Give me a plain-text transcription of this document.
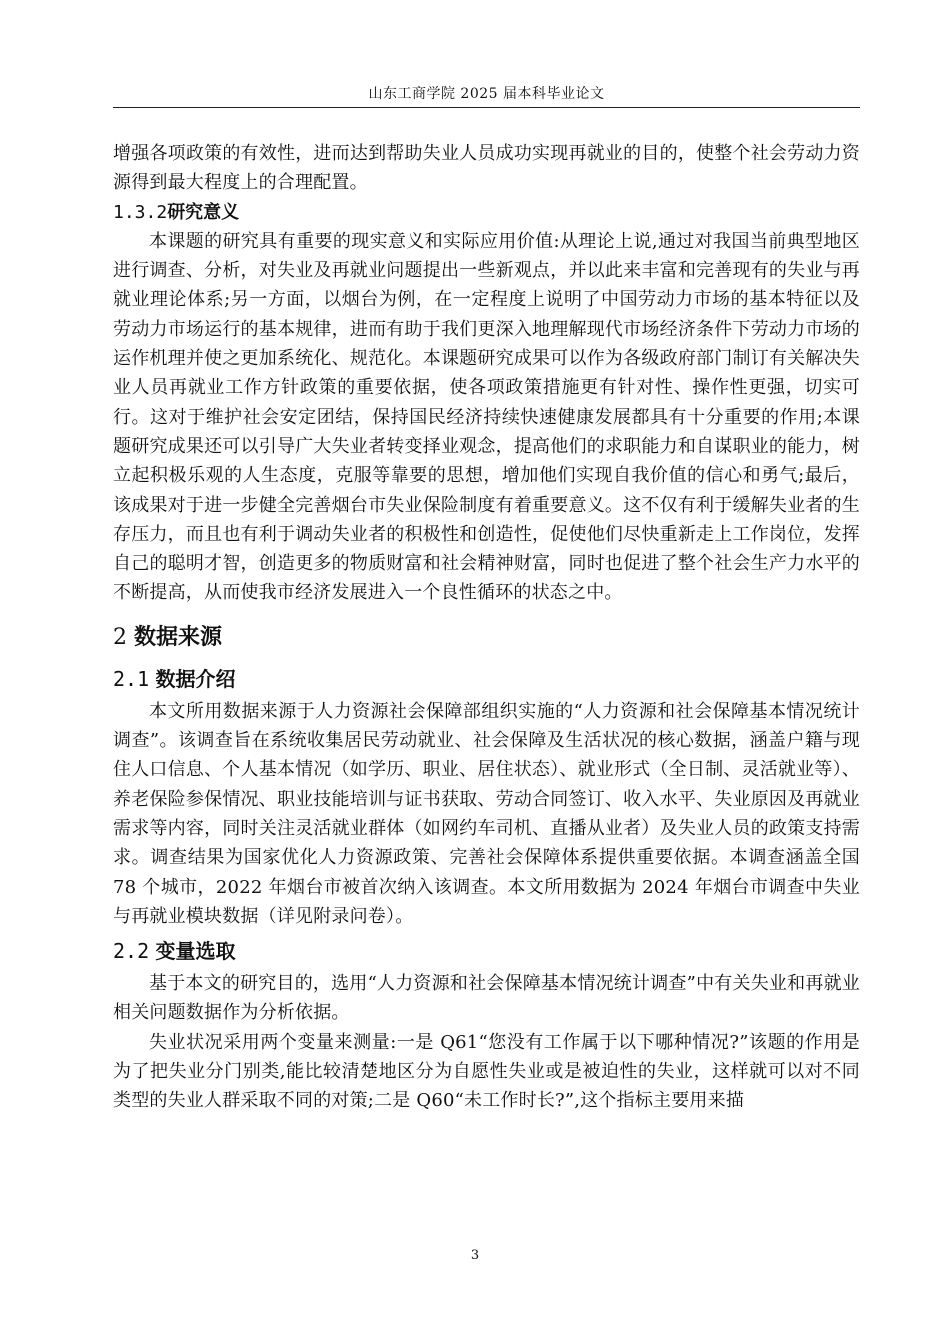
山东工商学院 2025 届本科毕业论文

增强各项政策的有效性，进而达到帮助失业人员成功实现再就业的目的，使整个社会劳动力资源得到最大程度上的合理配置。

1.3.2研究意义

本课题的研究具有重要的现实意义和实际应用价值:从理论上说,通过对我国当前典型地区进行调查、分析，对失业及再就业问题提出一些新观点，并以此来丰富和完善现有的失业与再就业理论体系;另一方面，以烟台为例，在一定程度上说明了中国劳动力市场的基本特征以及劳动力市场运行的基本规律，进而有助于我们更深入地理解现代市场经济条件下劳动力市场的运作机理并使之更加系统化、规范化。本课题研究成果可以作为各级政府部门制订有关解决失业人员再就业工作方针政策的重要依据，使各项政策措施更有针对性、操作性更强，切实可行。这对于维护社会安定团结，保持国民经济持续快速健康发展都具有十分重要的作用;本课题研究成果还可以引导广大失业者转变择业观念，提高他们的求职能力和自谋职业的能力，树立起积极乐观的人生态度，克服等靠要的思想，增加他们实现自我价值的信心和勇气;最后，该成果对于进一步健全完善烟台市失业保险制度有着重要意义。这不仅有利于缓解失业者的生存压力，而且也有利于调动失业者的积极性和创造性，促使他们尽快重新走上工作岗位，发挥自己的聪明才智，创造更多的物质财富和社会精神财富，同时也促进了整个社会生产力水平的不断提高，从而使我市经济发展进入一个良性循环的状态之中。

2 数据来源
2.1 数据介绍

本文所用数据来源于人力资源社会保障部组织实施的“人力资源和社会保障基本情况统计调查”。该调查旨在系统收集居民劳动就业、社会保障及生活状况的核心数据，涵盖户籍与现住人口信息、个人基本情况（如学历、职业、居住状态）、就业形式（全日制、灵活就业等）、养老保险参保情况、职业技能培训与证书获取、劳动合同签订、收入水平、失业原因及再就业需求等内容，同时关注灵活就业群体（如网约车司机、直播从业者）及失业人员的政策支持需求。调查结果为国家优化人力资源政策、完善社会保障体系提供重要依据。本调查涵盖全国 78 个城市，2022 年烟台市被首次纳入该调查。本文所用数据为 2024 年烟台市调查中失业与再就业模块数据（详见附录问卷）。

2.2 变量选取

基于本文的研究目的，选用“人力资源和社会保障基本情况统计调查”中有关失业和再就业相关问题数据作为分析依据。

失业状况采用两个变量来测量:一是 Q61“您没有工作属于以下哪种情况?”该题的作用是为了把失业分门别类,能比较清楚地区分为自愿性失业或是被迫性的失业，这样就可以对不同类型的失业人群采取不同的对策;二是 Q60“未工作时长?”,这个指标主要用来描

3
